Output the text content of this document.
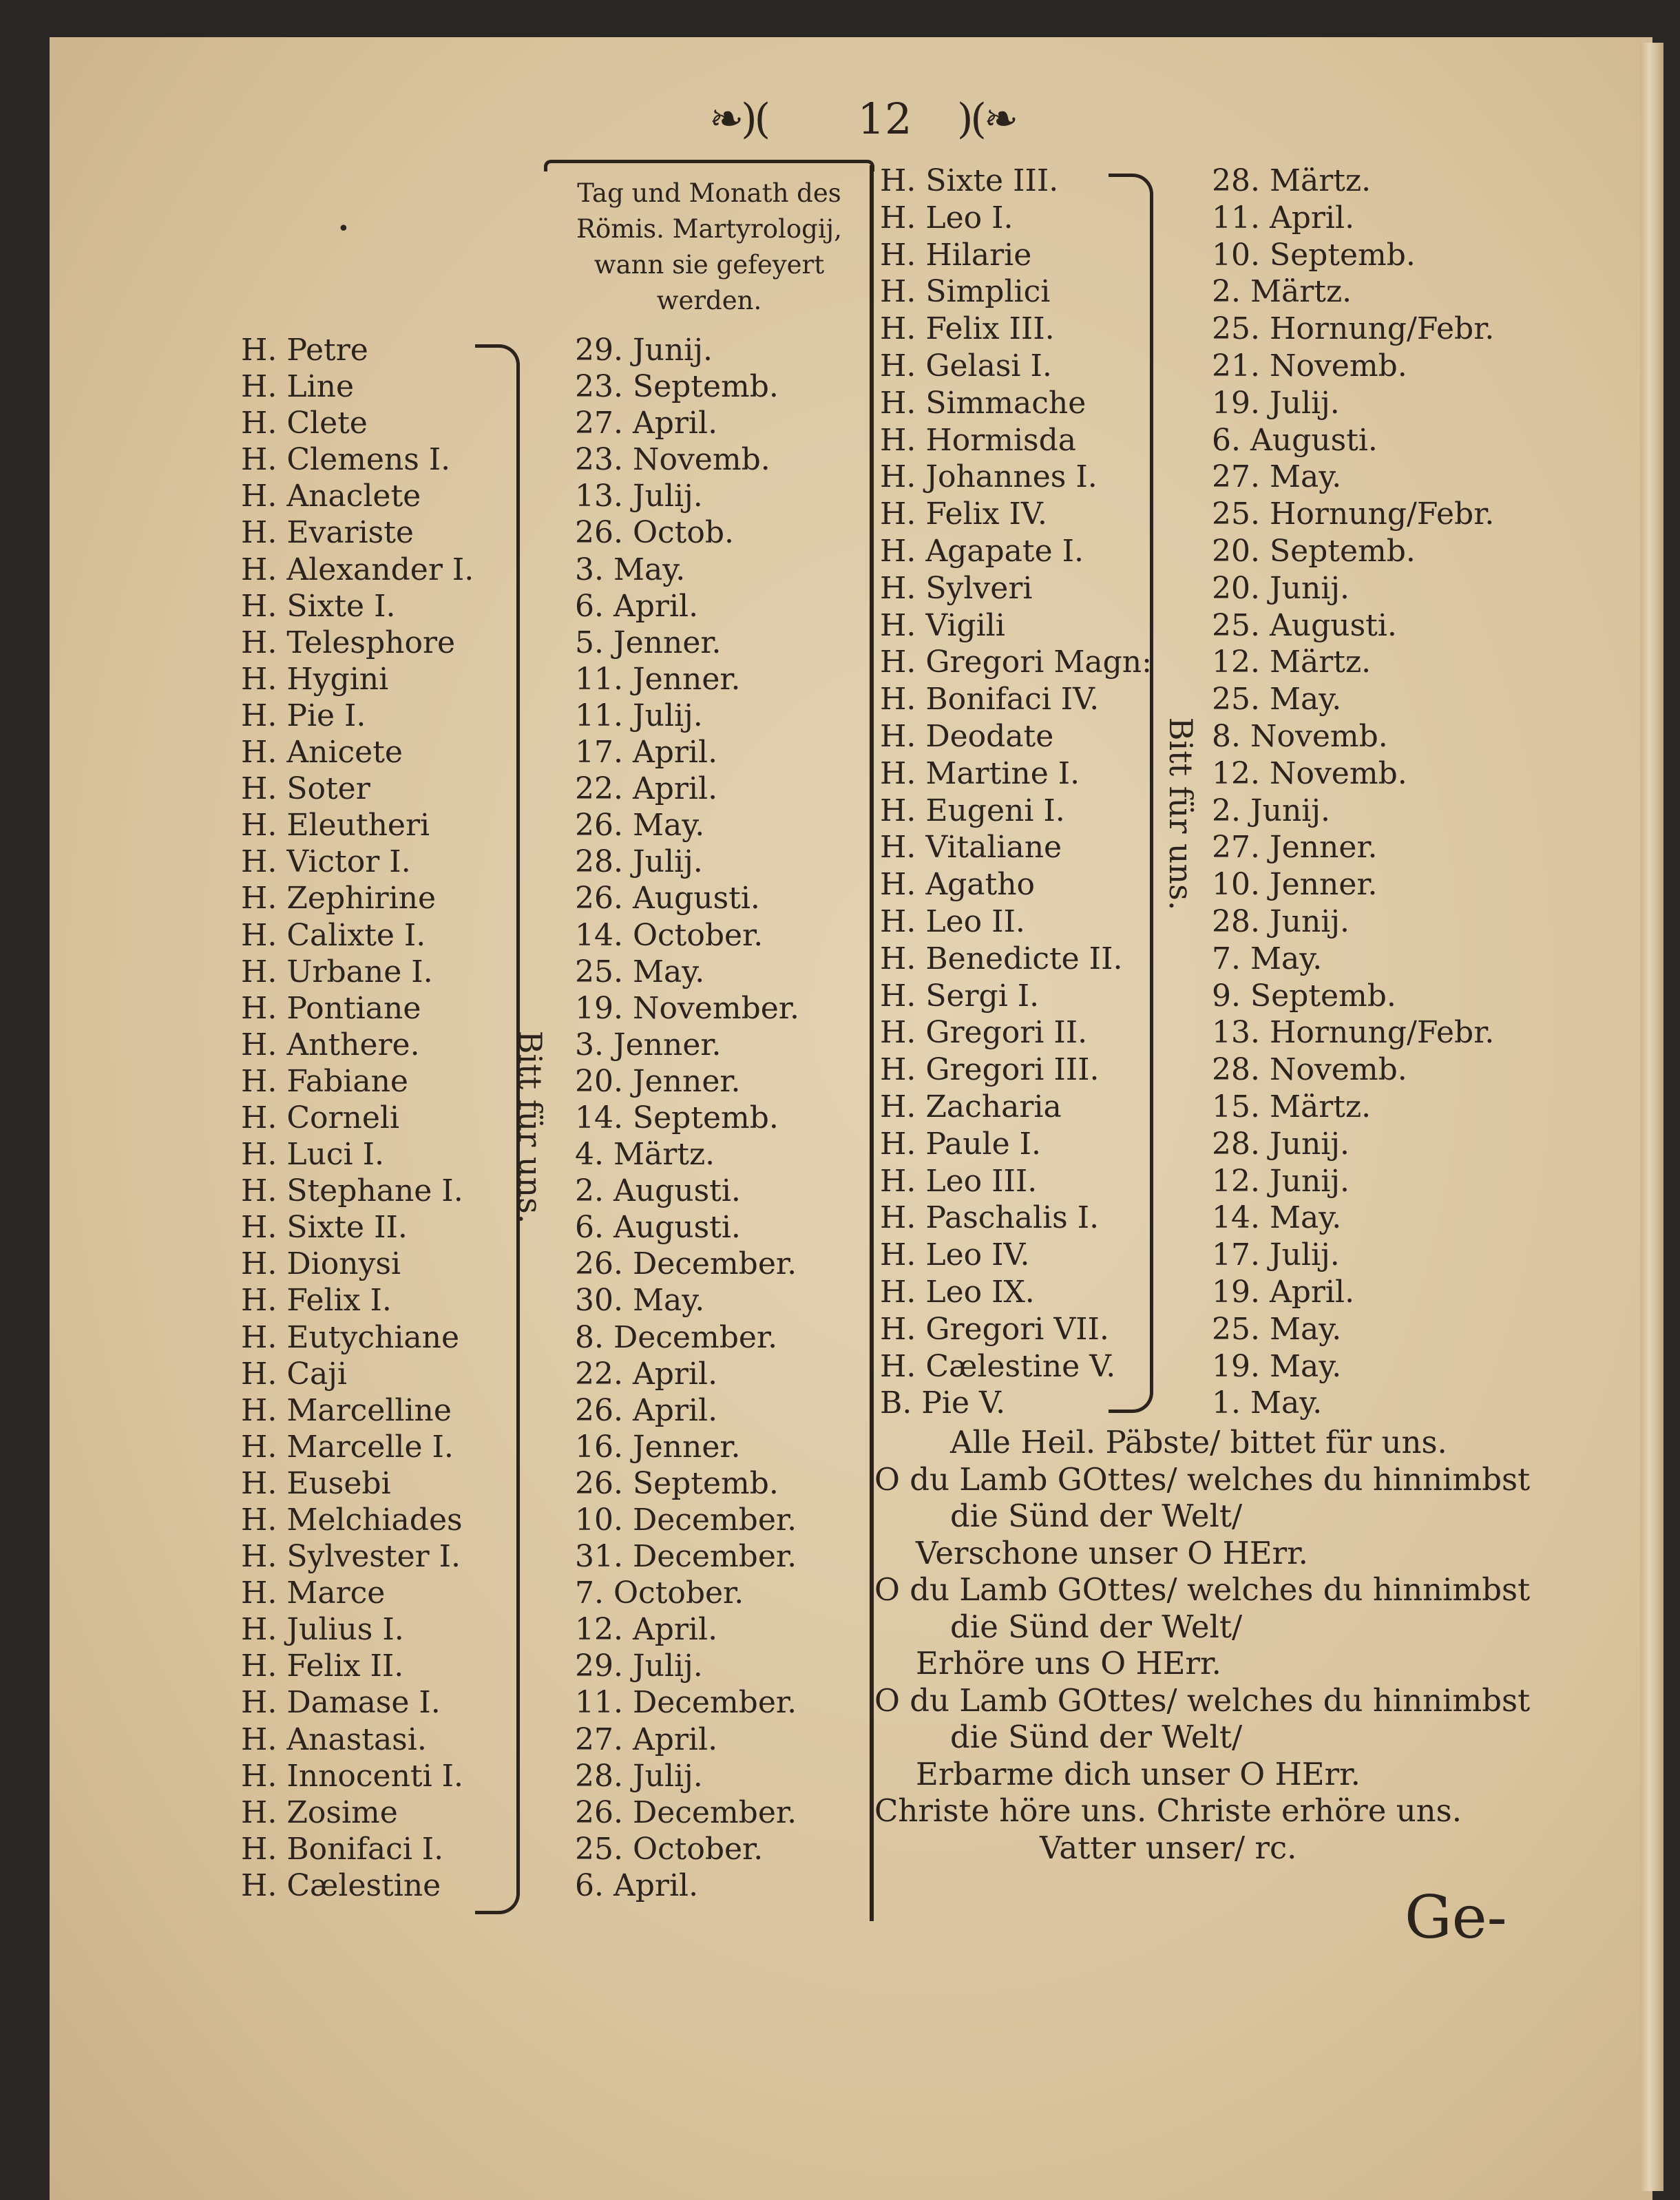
❧)(	12	)(❧
•
Tag und Monath des
Römis. Martyrologij,
wann sie gefeyert
werden.
H. Petre
H. Line
H. Clete
H. Clemens I.
H. Anaclete
H. Evariste
H. Alexander I.
H. Sixte I.
H. Telesphore
H. Hygini
H. Pie I.
H. Anicete
H. Soter
H. Eleutheri
H. Victor I.
H. Zephirine
H. Calixte I.
H. Urbane I.
H. Pontiane
H. Anthere.
H. Fabiane
H. Corneli
H. Luci I.
H. Stephane I.
H. Sixte II.
H. Dionysi
H. Felix I.
H. Eutychiane
H. Caji
H. Marcelline
H. Marcelle I.
H. Eusebi
H. Melchiades
H. Sylvester I.
H. Marce
H. Julius I.
H. Felix II.
H. Damase I.
H. Anastasi.
H. Innocenti I.
H. Zosime
H. Bonifaci I.
H. Cælestine
Bitt für uns.
29. Junij.
23. Septemb.
27. April.
23. Novemb.
13. Julij.
26. Octob.
3. May.
6. April.
5. Jenner.
11. Jenner.
11. Julij.
17. April.
22. April.
26. May.
28. Julij.
26. Augusti.
14. October.
25. May.
19. November.
3. Jenner.
20. Jenner.
14. Septemb.
4. Märtz.
2. Augusti.
6. Augusti.
26. December.
30. May.
8. December.
22. April.
26. April.
16. Jenner.
26. Septemb.
10. December.
31. December.
7. October.
12. April.
29. Julij.
11. December.
27. April.
28. Julij.
26. December.
25. October.
6. April.
H. Sixte III.
H. Leo I.
H. Hilarie
H. Simplici
H. Felix III.
H. Gelasi I.
H. Simmache
H. Hormisda
H. Johannes I.
H. Felix IV.
H. Agapate I.
H. Sylveri
H. Vigili
H. Gregori Magn:
H. Bonifaci IV.
H. Deodate
H. Martine I.
H. Eugeni I.
H. Vitaliane
H. Agatho
H. Leo II.
H. Benedicte II.
H. Sergi I.
H. Gregori II.
H. Gregori III.
H. Zacharia
H. Paule I.
H. Leo III.
H. Paschalis I.
H. Leo IV.
H. Leo IX.
H. Gregori VII.
H. Cælestine V.
B. Pie V.
Bitt für uns.
28. Märtz.
11. April.
10. Septemb.
2. Märtz.
25. Hornung/Febr.
21. Novemb.
19. Julij.
6. Augusti.
27. May.
25. Hornung/Febr.
20. Septemb.
20. Junij.
25. Augusti.
12. Märtz.
25. May.
8. Novemb.
12. Novemb.
2. Junij.
27. Jenner.
10. Jenner.
28. Junij.
7. May.
9. Septemb.
13. Hornung/Febr.
28. Novemb.
15. Märtz.
28. Junij.
12. Junij.
14. May.
17. Julij.
19. April.
25. May.
19. May.
1. May.

Alle Heil. Päbste/ bittet für uns.

O du Lamb GOttes/ welches du hinnimbst

die Sünd der Welt/

Verschone unser O HErr.

O du Lamb GOttes/ welches du hinnimbst

die Sünd der Welt/

Erhöre uns O HErr.

O du Lamb GOttes/ welches du hinnimbst

die Sünd der Welt/

Erbarme dich unser O HErr.

Christe höre uns. Christe erhöre uns.

Vatter unser/ rc.

Ge-
